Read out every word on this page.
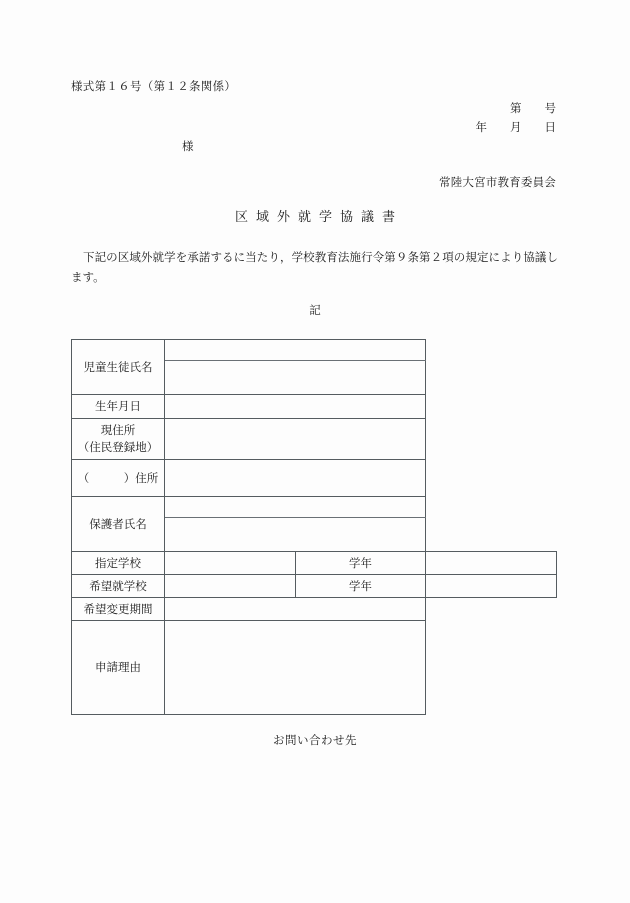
様式第１６号（第１２条関係）
第　　号
年　　月　　日
様
常陸大宮市教育委員会
区域外就学協議書
下記の区域外就学を承諾するに当たり，学校教育法施行令第９条第２項の規定により協議します。
記
児童生徒氏名			

生年月日			
現住所
（住民登録地）			
（　　　）住所			
保護者氏名			

指定学校		学年	
希望就学校		学年	
希望変更期間			
申請理由			
お問い合わせ先
